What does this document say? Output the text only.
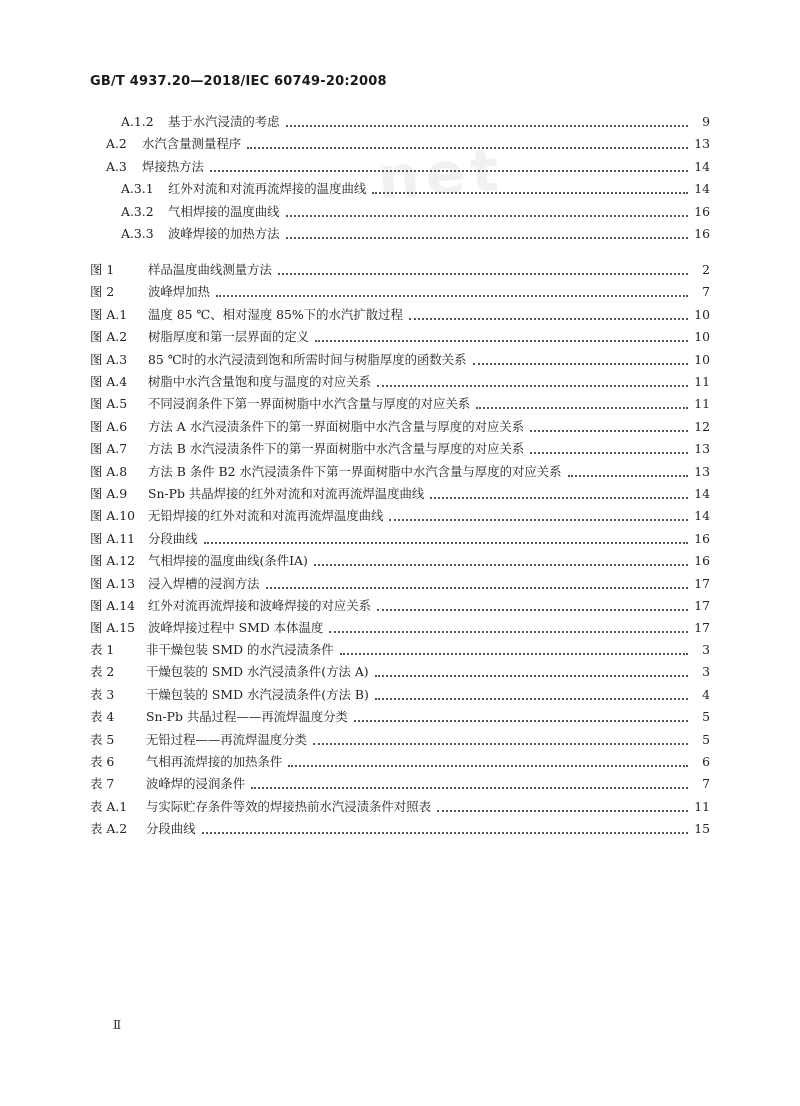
GB/T 4937.20—2018/IEC 60749-20:2008
net
A.1.2	基于水汽浸渍的考虑	9
A.2	水汽含量测量程序	13
A.3	焊接热方法	14
A.3.1	红外对流和对流再流焊接的温度曲线	14
A.3.2	气相焊接的温度曲线	16
A.3.3	波峰焊接的加热方法	16
图 1	样品温度曲线测量方法	2
图 2	波峰焊加热	7
图 A.1	温度 85 ℃、相对湿度 85%下的水汽扩散过程	10
图 A.2	树脂厚度和第一层界面的定义	10
图 A.3	85 ℃时的水汽浸渍到饱和所需时间与树脂厚度的函数关系	10
图 A.4	树脂中水汽含量饱和度与温度的对应关系	11
图 A.5	不同浸润条件下第一界面树脂中水汽含量与厚度的对应关系	11
图 A.6	方法 A 水汽浸渍条件下的第一界面树脂中水汽含量与厚度的对应关系	12
图 A.7	方法 B 水汽浸渍条件下的第一界面树脂中水汽含量与厚度的对应关系	13
图 A.8	方法 B 条件 B2 水汽浸渍条件下第一界面树脂中水汽含量与厚度的对应关系	13
图 A.9	Sn-Pb 共晶焊接的红外对流和对流再流焊温度曲线	14
图 A.10	无铅焊接的红外对流和对流再流焊温度曲线	14
图 A.11	分段曲线	16
图 A.12	气相焊接的温度曲线(条件ⅠA)	16
图 A.13	浸入焊槽的浸润方法	17
图 A.14	红外对流再流焊接和波峰焊接的对应关系	17
图 A.15	波峰焊接过程中 SMD 本体温度	17
表 1	非干燥包装 SMD 的水汽浸渍条件	3
表 2	干燥包装的 SMD 水汽浸渍条件(方法 A)	3
表 3	干燥包装的 SMD 水汽浸渍条件(方法 B)	4
表 4	Sn-Pb 共晶过程——再流焊温度分类	5
表 5	无铅过程——再流焊温度分类	5
表 6	气相再流焊接的加热条件	6
表 7	波峰焊的浸润条件	7
表 A.1	与实际贮存条件等效的焊接热前水汽浸渍条件对照表	11
表 A.2	分段曲线	15
Ⅱ
